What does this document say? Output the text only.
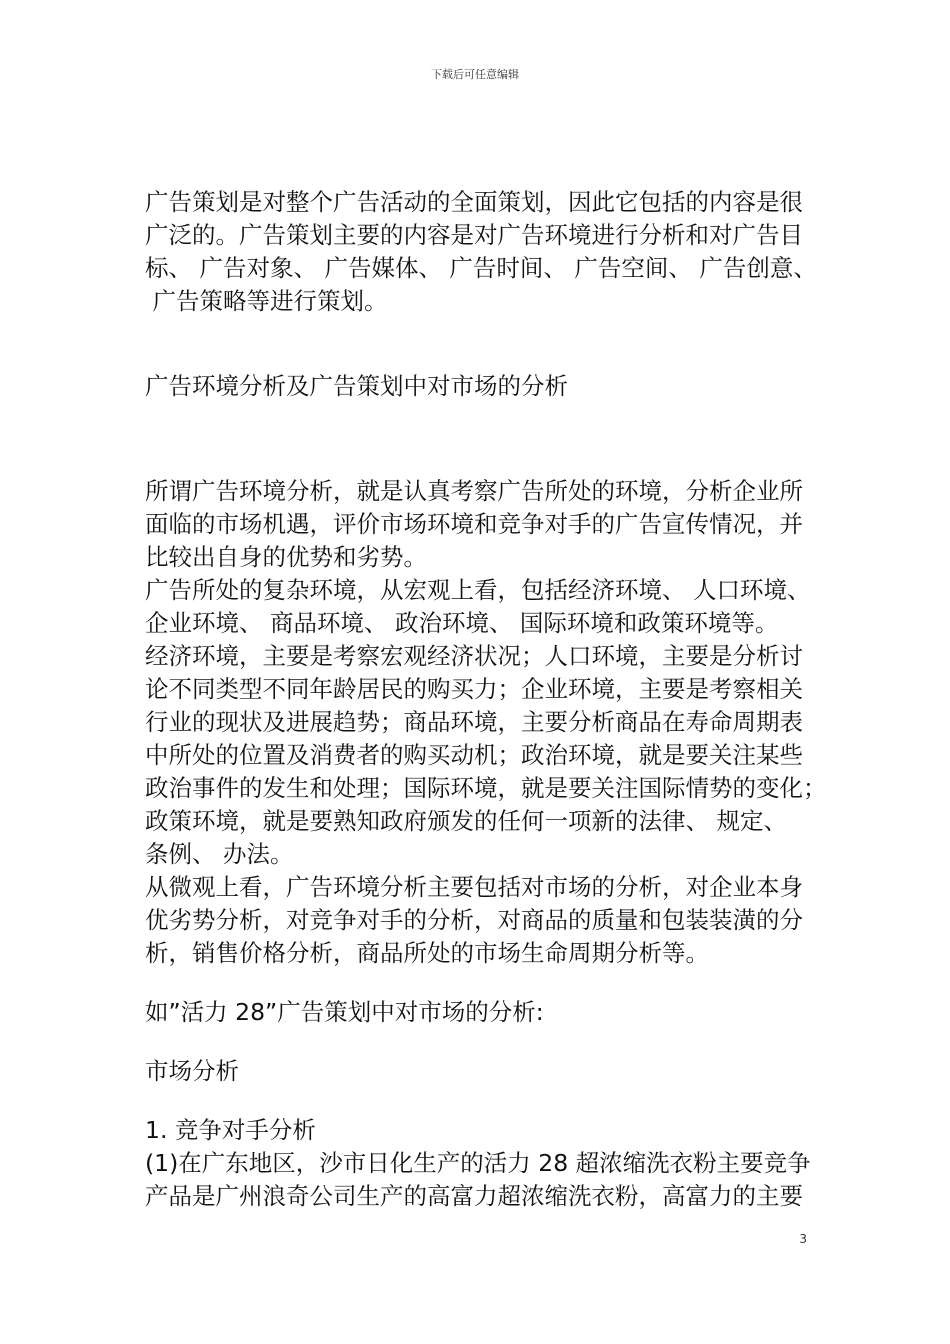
下载后可任意编辑
广告策划是对整个广告活动的全面策划，因此它包括的内容是很
广泛的。广告策划主要的内容是对广告环境进行分析和对广告目
标、 广告对象、 广告媒体、 广告时间、 广告空间、 广告创意、
广告策略等进行策划。
广告环境分析及广告策划中对市场的分析
所谓广告环境分析，就是认真考察广告所处的环境，分析企业所
面临的市场机遇，评价市场环境和竞争对手的广告宣传情况，并
比较出自身的优势和劣势。
广告所处的复杂环境，从宏观上看，包括经济环境、 人口环境、
企业环境、 商品环境、 政治环境、 国际环境和政策环境等。
经济环境，主要是考察宏观经济状况；人口环境，主要是分析讨
论不同类型不同年龄居民的购买力；企业环境，主要是考察相关
行业的现状及进展趋势；商品环境，主要分析商品在寿命周期表
中所处的位置及消费者的购买动机；政治环境，就是要关注某些
政治事件的发生和处理；国际环境，就是要关注国际情势的变化；
政策环境，就是要熟知政府颁发的任何一项新的法律、 规定、
条例、 办法。
从微观上看，广告环境分析主要包括对市场的分析，对企业本身
优劣势分析，对竞争对手的分析，对商品的质量和包装装潢的分
析，销售价格分析，商品所处的市场生命周期分析等。
如”活力 28”广告策划中对市场的分析:
市场分析
1. 竞争对手分析
(1)在广东地区，沙市日化生产的活力 28 超浓缩洗衣粉主要竞争
产品是广州浪奇公司生产的高富力超浓缩洗衣粉，高富力的主要
3
